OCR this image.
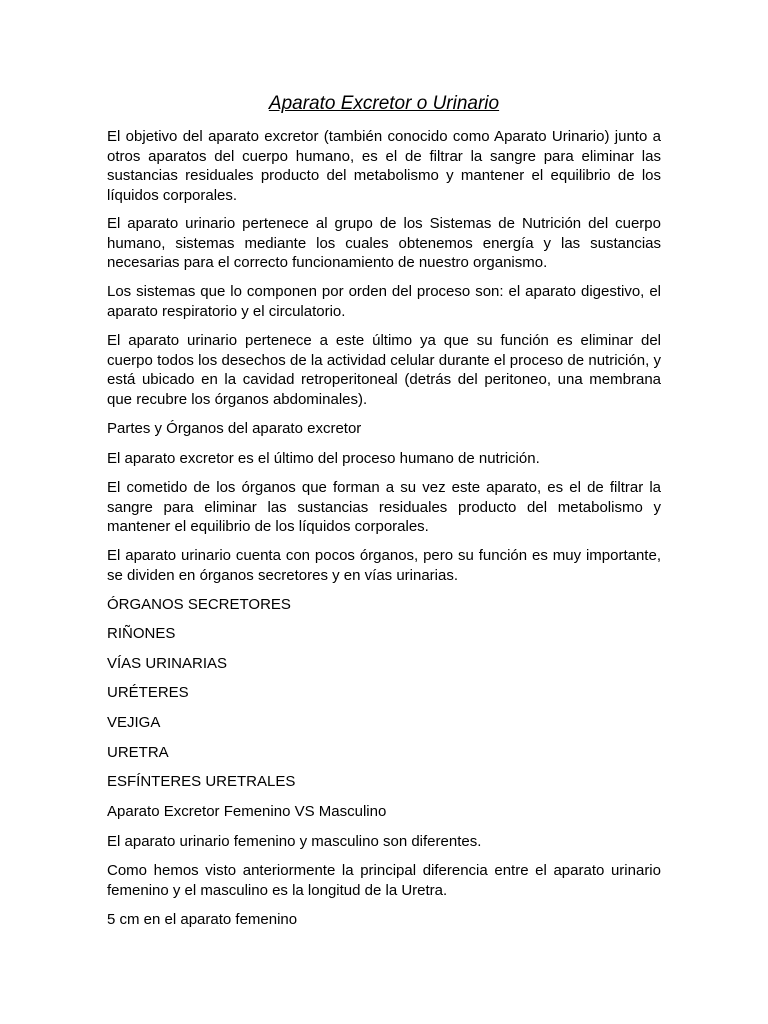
Aparato Excretor o Urinario

El objetivo del aparato excretor (también conocido como Aparato Urinario) junto a otros aparatos del cuerpo humano, es el de filtrar la sangre para eliminar las sustancias residuales producto del metabolismo y mantener el equilibrio de los líquidos corporales.

El aparato urinario pertenece al grupo de los Sistemas de Nutrición del cuerpo humano, sistemas mediante los cuales obtenemos energía y las sustancias necesarias para el correcto funcionamiento de nuestro organismo.

Los sistemas que lo componen por orden del proceso son: el aparato digestivo, el aparato respiratorio y el circulatorio.

El aparato urinario pertenece a este último ya que su función es eliminar del cuerpo todos los desechos de la actividad celular durante el proceso de nutrición, y está ubicado en la cavidad retroperitoneal (detrás del peritoneo, una membrana que recubre los órganos abdominales).

Partes y Órganos del aparato excretor

El aparato excretor es el último del proceso humano de nutrición.

El cometido de los órganos que forman a su vez este aparato, es el de filtrar la sangre para eliminar las sustancias residuales producto del metabolismo y mantener el equilibrio de los líquidos corporales.

El aparato urinario cuenta con pocos órganos, pero su función es muy importante, se dividen en órganos secretores y en vías urinarias.

ÓRGANOS SECRETORES

RIÑONES

VÍAS URINARIAS

URÉTERES

VEJIGA

URETRA

ESFÍNTERES URETRALES

Aparato Excretor Femenino VS Masculino

El aparato urinario femenino y masculino son diferentes.

Como hemos visto anteriormente la principal diferencia entre el aparato urinario femenino y el masculino es la longitud de la Uretra.

5 cm en el aparato femenino
